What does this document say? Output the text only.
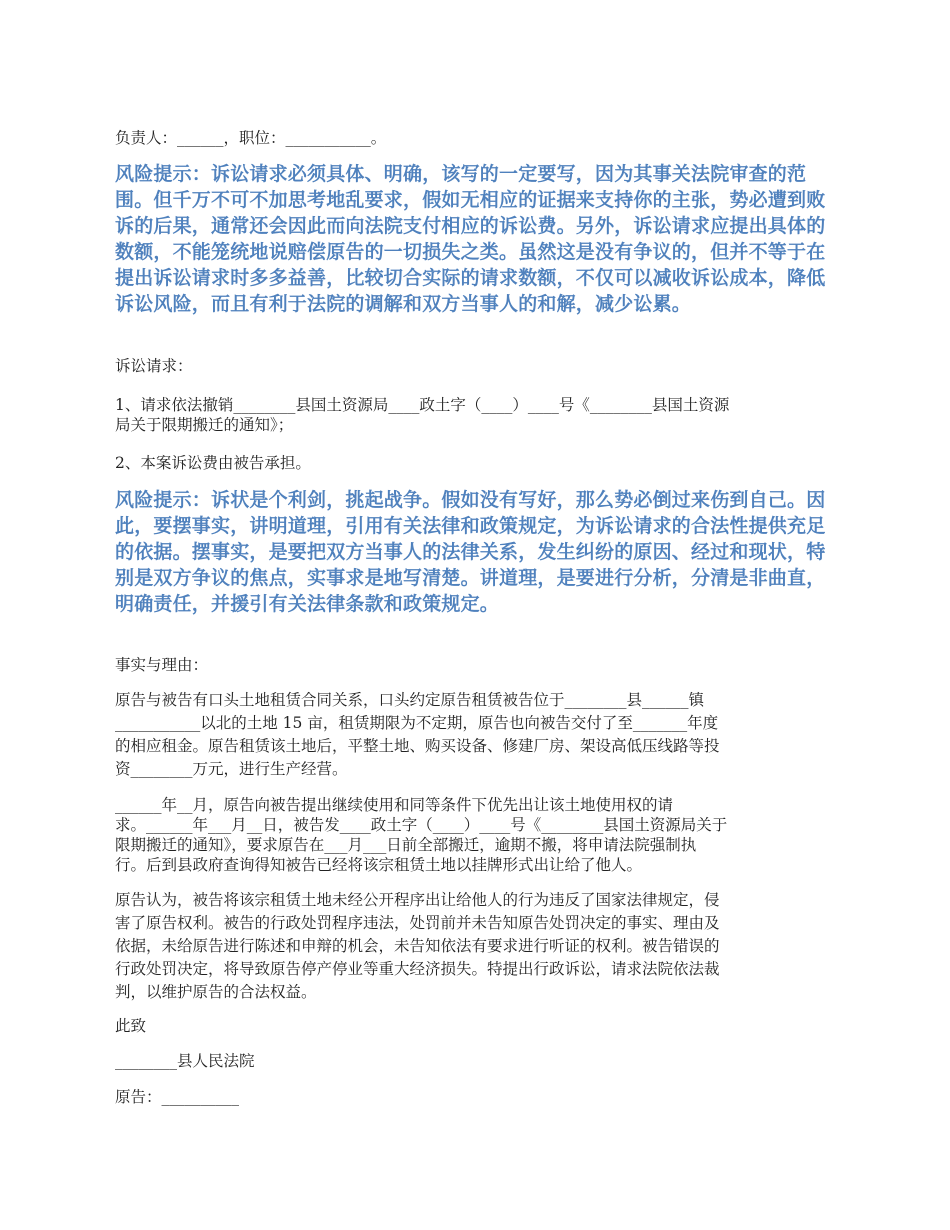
负责人：______，职位：___________。

风险提示：诉讼请求必须具体、明确，该写的一定要写，因为其事关法院审查的范围。但千万不可不加思考地乱要求，假如无相应的证据来支持你的主张，势必遭到败诉的后果，通常还会因此而向法院支付相应的诉讼费。另外，诉讼请求应提出具体的数额，不能笼统地说赔偿原告的一切损失之类。虽然这是没有争议的，但并不等于在提出诉讼请求时多多益善，比较切合实际的请求数额，不仅可以减收诉讼成本，降低诉讼风险，而且有利于法院的调解和双方当事人的和解，减少讼累。

诉讼请求：

1、请求依法撤销________县国土资源局____政土字（____）____号《________县国土资源

局关于限期搬迁的通知》；

2、本案诉讼费由被告承担。

风险提示：诉状是个利剑，挑起战争。假如没有写好，那么势必倒过来伤到自己。因此，要摆事实，讲明道理，引用有关法律和政策规定，为诉讼请求的合法性提供充足的依据。摆事实，是要把双方当事人的法律关系，发生纠纷的原因、经过和现状，特别是双方争议的焦点，实事求是地写清楚。讲道理，是要进行分析，分清是非曲直，明确责任，并援引有关法律条款和政策规定。

事实与理由：

原告与被告有口头土地租赁合同关系，口头约定原告租赁被告位于________县______镇

___________以北的土地 15 亩，租赁期限为不定期，原告也向被告交付了至_______年度

的相应租金。原告租赁该土地后，平整土地、购买设备、修建厂房、架设高低压线路等投

资________万元，进行生产经营。

______年__月，原告向被告提出继续使用和同等条件下优先出让该土地使用权的请

求。______年___月__日，被告发____政土字（____）____号《________县国土资源局关于

限期搬迁的通知》，要求原告在___月___日前全部搬迁，逾期不搬，将申请法院强制执

行。后到县政府查询得知被告已经将该宗租赁土地以挂牌形式出让给了他人。

原告认为，被告将该宗租赁土地未经公开程序出让给他人的行为违反了国家法律规定，侵

害了原告权利。被告的行政处罚程序违法，处罚前并未告知原告处罚决定的事实、理由及

依据，未给原告进行陈述和申辩的机会，未告知依法有要求进行听证的权利。被告错误的

行政处罚决定，将导致原告停产停业等重大经济损失。特提出行政诉讼，请求法院依法裁

判，以维护原告的合法权益。

此致

________县人民法院

原告：__________
